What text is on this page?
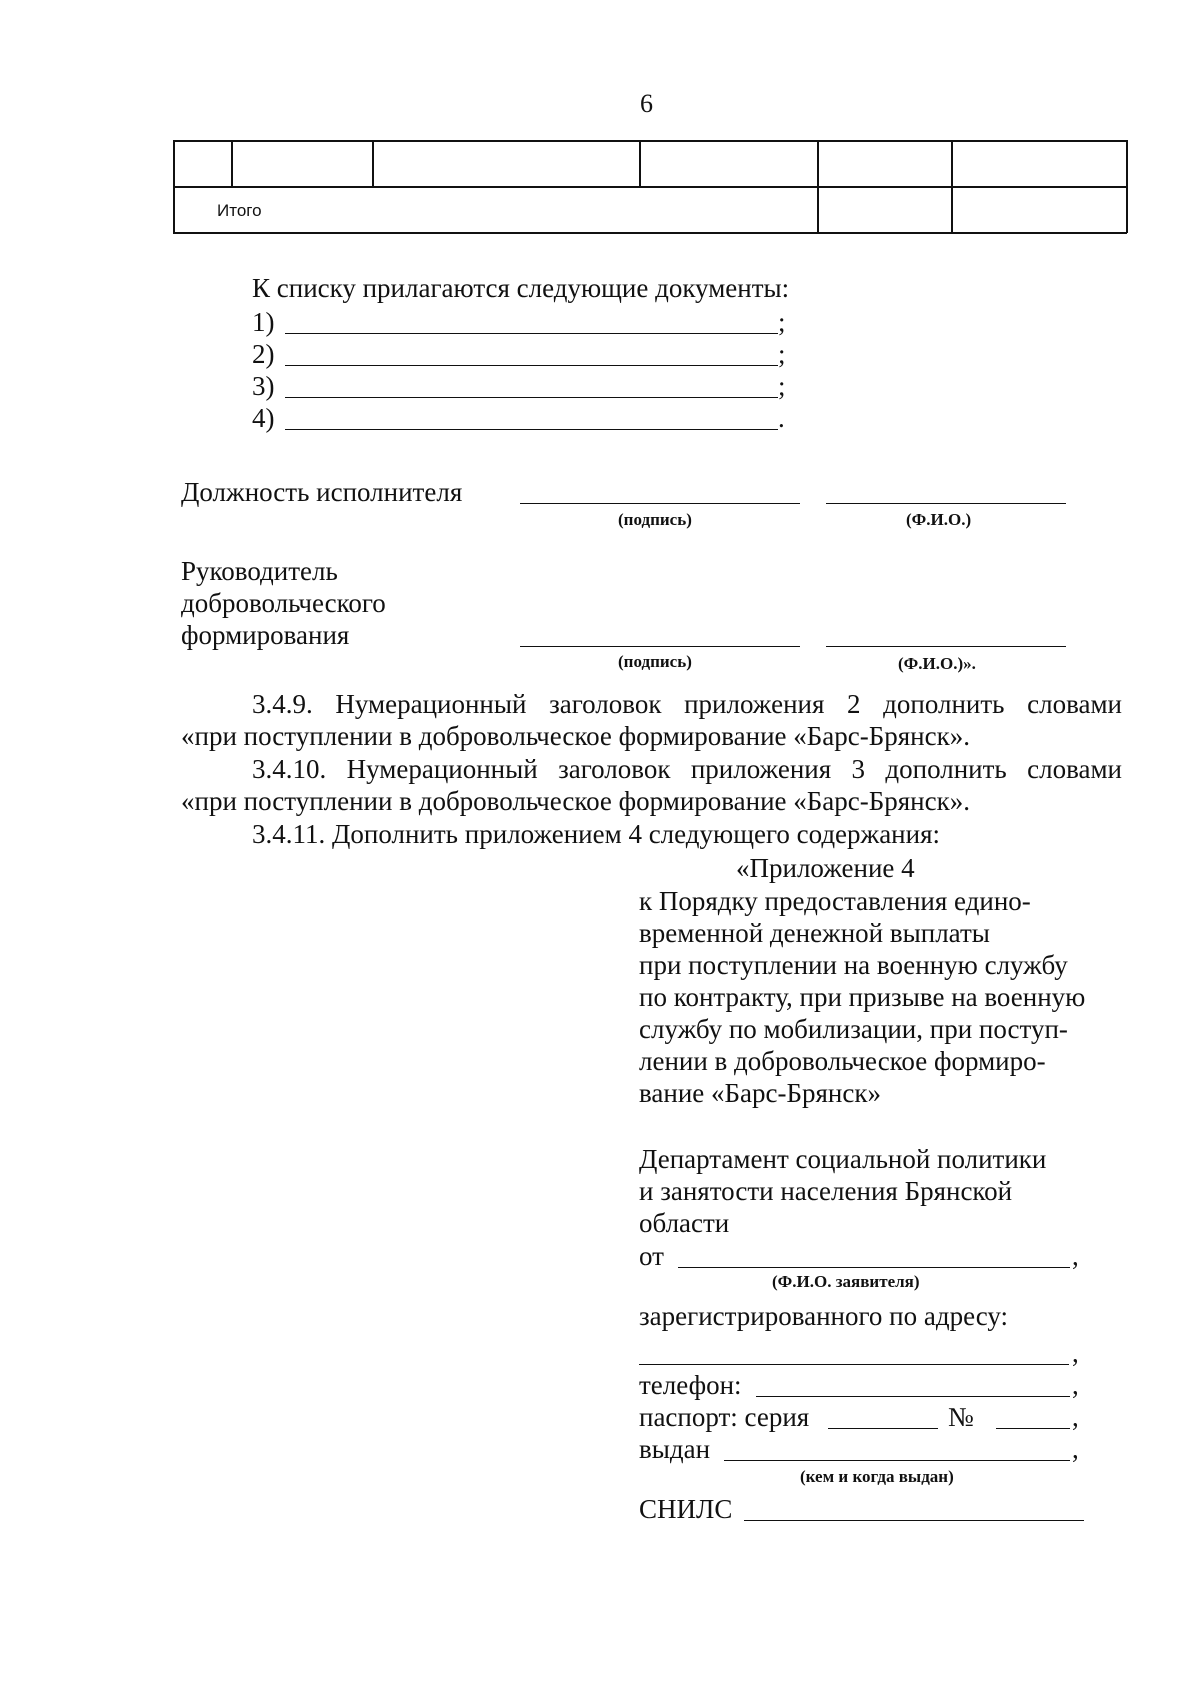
6
Итого
К списку прилагаются следующие документы:
1)	;
2)	;
3)	;
4)	.
Должность исполнителя
(подпись)	(Ф.И.О.)
Руководитель
добровольческого
формирования
(подпись)	(Ф.И.О.)».
3.4.9. Нумерационный заголовок приложения 2 дополнить словами
«при поступлении в добровольческое формирование «Барс-Брянск».
3.4.10. Нумерационный заголовок приложения 3 дополнить словами
«при поступлении в добровольческое формирование «Барс-Брянск».
3.4.11. Дополнить приложением 4 следующего содержания:
«Приложение 4
к Порядку предоставления едино-
временной денежной выплаты
при поступлении на военную службу
по контракту, при призыве на военную
службу по мобилизации, при поступ-
лении в добровольческое формиро-
вание «Барс-Брянск»
Департамент социальной политики
и занятости населения Брянской
области
от	,
(Ф.И.О. заявителя)
зарегистрированного по адресу:
,
телефон:	,
паспорт: серия	№	,
выдан	,
(кем и когда выдан)
СНИЛС
